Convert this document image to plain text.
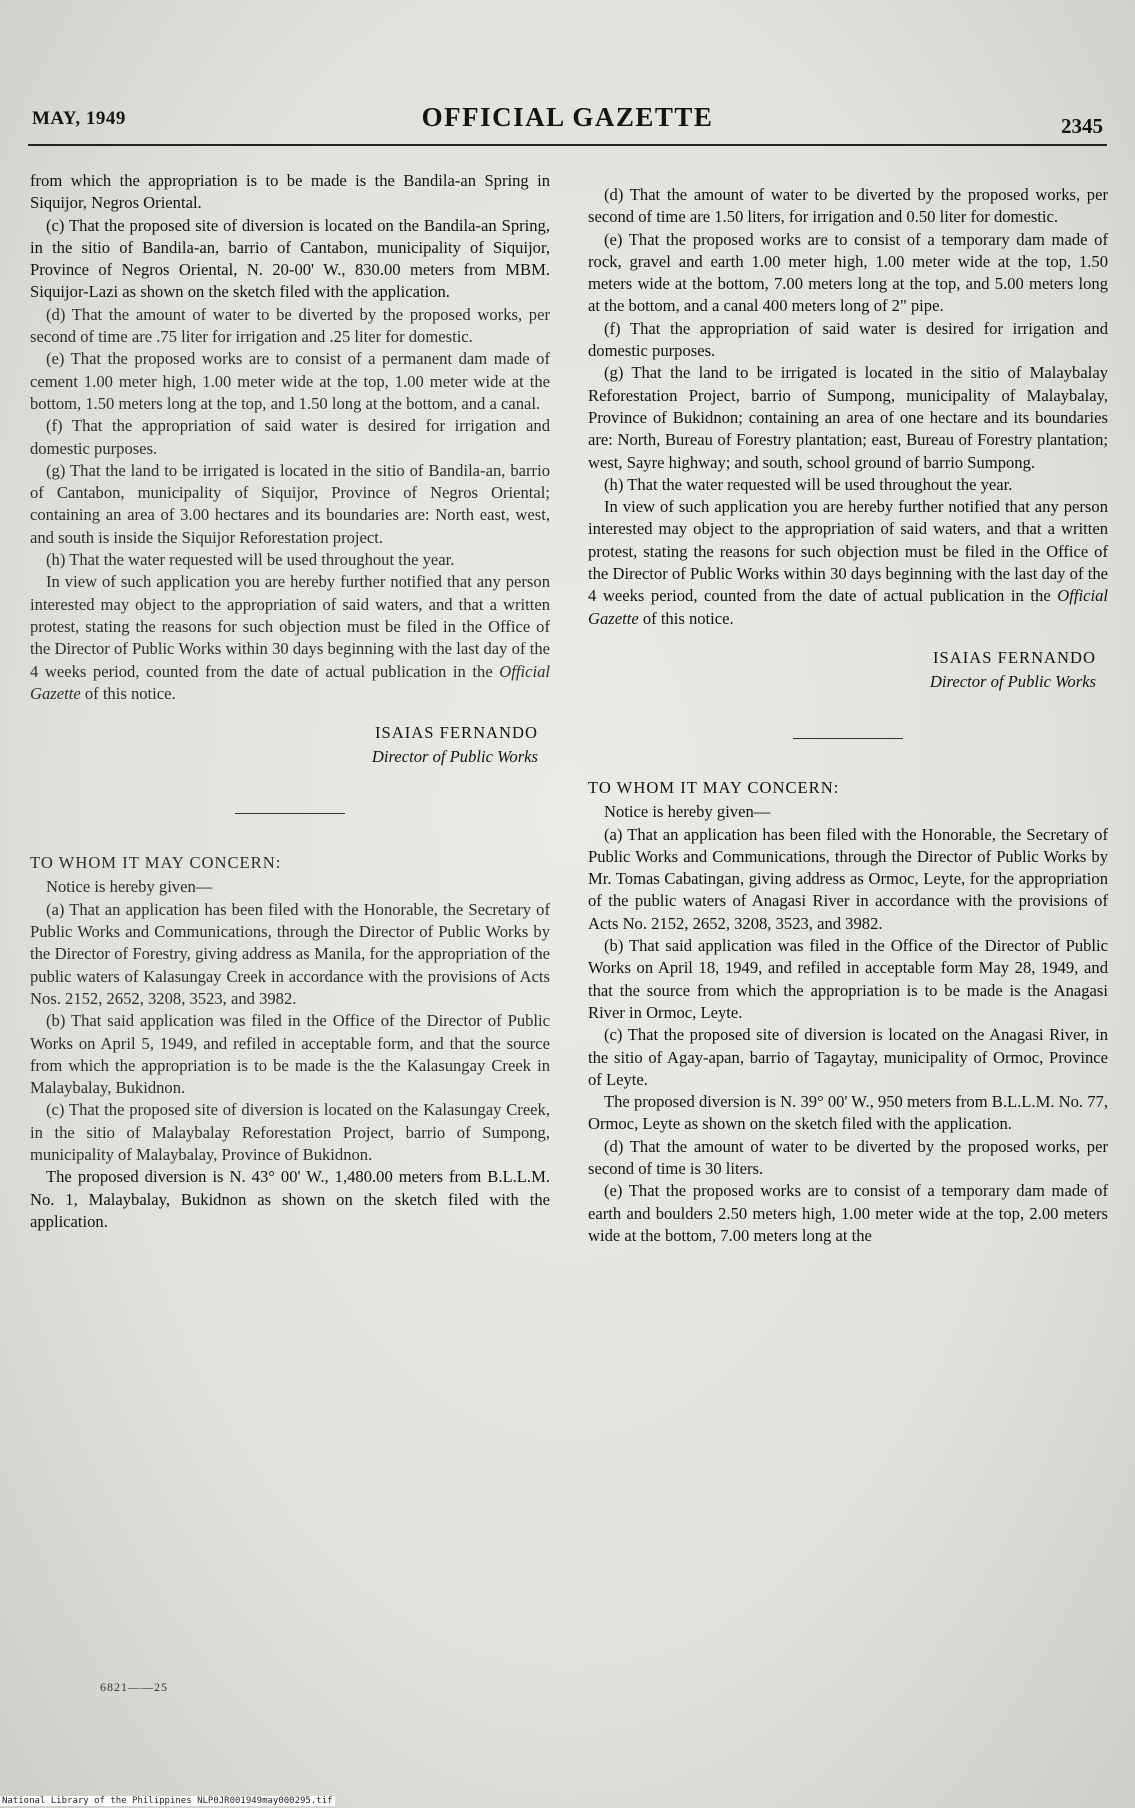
MAY, 1949	OFFICIAL GAZETTE	2345

from which the appropriation is to be made is the Bandila-an Spring in Siquijor, Negros Oriental.

(c) That the proposed site of diversion is located on the Bandila-an Spring, in the sitio of Bandila-an, barrio of Cantabon, municipality of Siquijor, Province of Negros Oriental, N. 20-00' W., 830.00 meters from MBM. Siquijor-Lazi as shown on the sketch filed with the application.

(d) That the amount of water to be diverted by the proposed works, per second of time are .75 liter for irrigation and .25 liter for domestic.

(e) That the proposed works are to consist of a permanent dam made of cement 1.00 meter high, 1.00 meter wide at the top, 1.00 meter wide at the bottom, 1.50 meters long at the top, and 1.50 long at the bottom, and a canal.

(f) That the appropriation of said water is desired for irrigation and domestic purposes.

(g) That the land to be irrigated is located in the sitio of Bandila-an, barrio of Cantabon, municipality of Siquijor, Province of Negros Oriental; containing an area of 3.00 hectares and its boundaries are: North east, west, and south is inside the Siquijor Reforestation project.

(h) That the water requested will be used throughout the year.

In view of such application you are hereby further notified that any person interested may object to the appropriation of said waters, and that a written protest, stating the reasons for such objection must be filed in the Office of the Director of Public Works within 30 days beginning with the last day of the 4 weeks period, counted from the date of actual publication in the Official Gazette of this notice.

ISAIAS FERNANDO
Director of Public Works

TO WHOM IT MAY CONCERN:

Notice is hereby given—

(a) That an application has been filed with the Honorable, the Secretary of Public Works and Communications, through the Director of Public Works by the Director of Forestry, giving address as Manila, for the appropriation of the public waters of Kalasungay Creek in accordance with the provisions of Acts Nos. 2152, 2652, 3208, 3523, and 3982.

(b) That said application was filed in the Office of the Director of Public Works on April 5, 1949, and refiled in acceptable form, and that the source from which the appropriation is to be made is the the Kalasungay Creek in Malaybalay, Bukidnon.

(c) That the proposed site of diversion is located on the Kalasungay Creek, in the sitio of Malaybalay Reforestation Project, barrio of Sumpong, municipality of Malaybalay, Province of Bukidnon.

The proposed diversion is N. 43° 00' W., 1,480.00 meters from B.L.L.M. No. 1, Malaybalay, Bukidnon as shown on the sketch filed with the application.

(d) That the amount of water to be diverted by the proposed works, per second of time are 1.50 liters, for irrigation and 0.50 liter for domestic.

(e) That the proposed works are to consist of a temporary dam made of rock, gravel and earth 1.00 meter high, 1.00 meter wide at the top, 1.50 meters wide at the bottom, 7.00 meters long at the top, and 5.00 meters long at the bottom, and a canal 400 meters long of 2" pipe.

(f) That the appropriation of said water is desired for irrigation and domestic purposes.

(g) That the land to be irrigated is located in the sitio of Malaybalay Reforestation Project, barrio of Sumpong, municipality of Malaybalay, Province of Bukidnon; containing an area of one hectare and its boundaries are: North, Bureau of Forestry plantation; east, Bureau of Forestry plantation; west, Sayre highway; and south, school ground of barrio Sumpong.

(h) That the water requested will be used throughout the year.

In view of such application you are hereby further notified that any person interested may object to the appropriation of said waters, and that a written protest, stating the reasons for such objection must be filed in the Office of the Director of Public Works within 30 days beginning with the last day of the 4 weeks period, counted from the date of actual publication in the Official Gazette of this notice.

ISAIAS FERNANDO
Director of Public Works

TO WHOM IT MAY CONCERN:

Notice is hereby given—

(a) That an application has been filed with the Honorable, the Secretary of Public Works and Communications, through the Director of Public Works by Mr. Tomas Cabatingan, giving address as Ormoc, Leyte, for the appropriation of the public waters of Anagasi River in accordance with the provisions of Acts No. 2152, 2652, 3208, 3523, and 3982.

(b) That said application was filed in the Office of the Director of Public Works on April 18, 1949, and refiled in acceptable form May 28, 1949, and that the source from which the appropriation is to be made is the Anagasi River in Ormoc, Leyte.

(c) That the proposed site of diversion is located on the Anagasi River, in the sitio of Agay-apan, barrio of Tagaytay, municipality of Ormoc, Province of Leyte.

The proposed diversion is N. 39° 00' W., 950 meters from B.L.L.M. No. 77, Ormoc, Leyte as shown on the sketch filed with the application.

(d) That the amount of water to be diverted by the proposed works, per second of time is 30 liters.

(e) That the proposed works are to consist of a temporary dam made of earth and boulders 2.50 meters high, 1.00 meter wide at the top, 2.00 meters wide at the bottom, 7.00 meters long at the

6821——25
National Library of the Philippines NLP0JR001949may000295.tif
